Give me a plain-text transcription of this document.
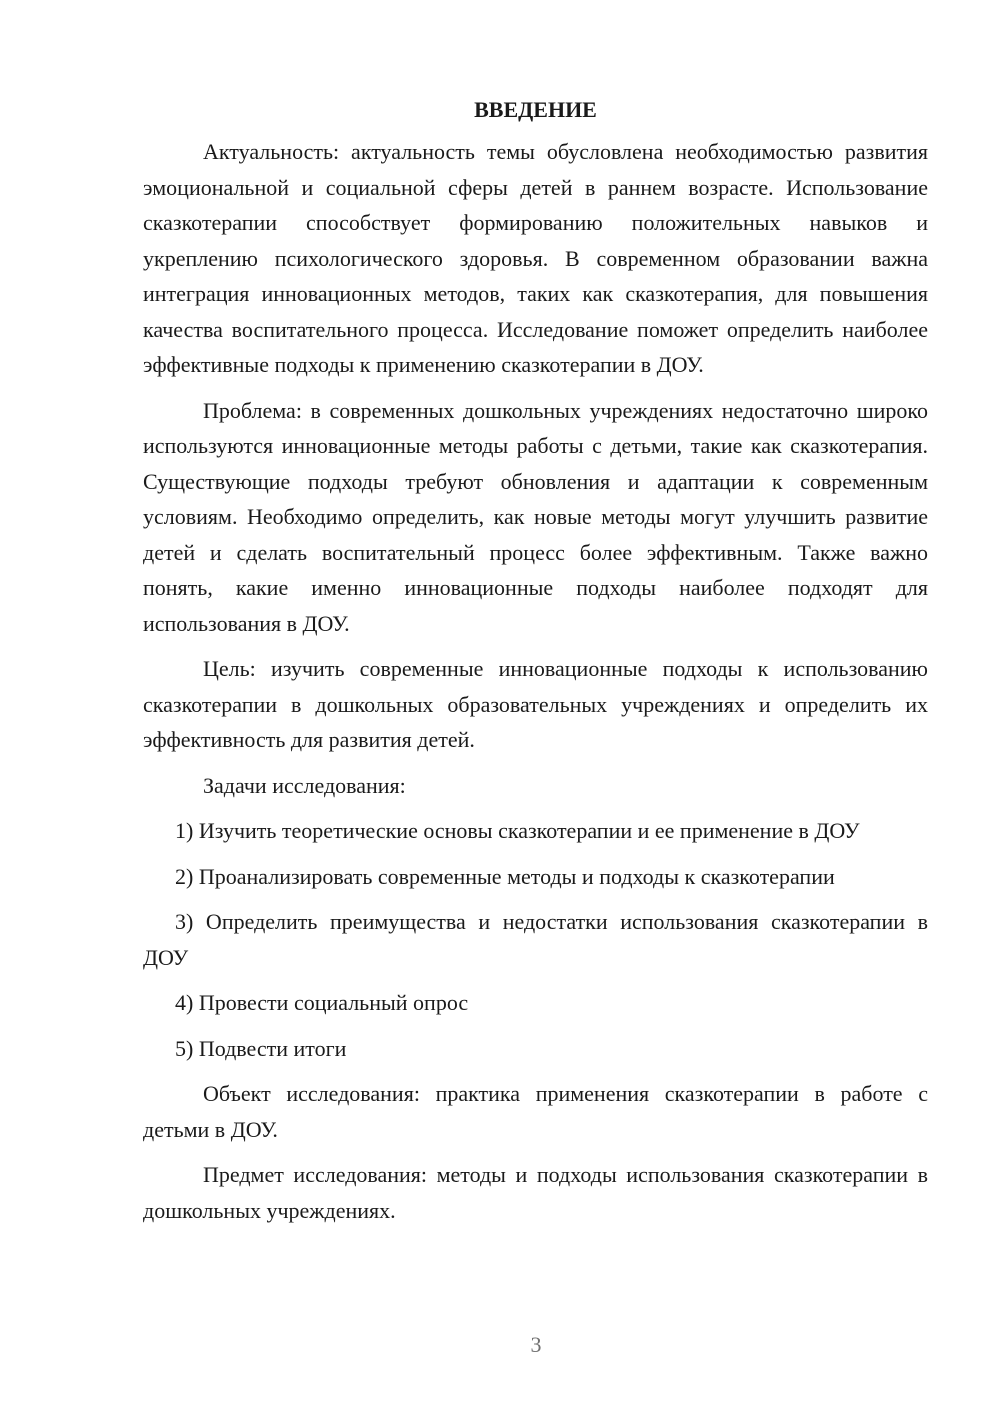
ВВЕДЕНИЕ

Актуальность: актуальность темы обусловлена необходимостью развития эмоциональной и социальной сферы детей в раннем возрасте. Использование сказкотерапии способствует формированию положительных навыков и укреплению психологического здоровья. В современном образовании важна интеграция инновационных методов, таких как сказкотерапия, для повышения качества воспитательного процесса. Исследование поможет определить наиболее эффективные подходы к применению сказкотерапии в ДОУ.

Проблема: в современных дошкольных учреждениях недостаточно широко используются инновационные методы работы с детьми, такие как сказкотерапия. Существующие подходы требуют обновления и адаптации к современным условиям. Необходимо определить, как новые методы могут улучшить развитие детей и сделать воспитательный процесс более эффективным. Также важно понять, какие именно инновационные подходы наиболее подходят для использования в ДОУ.

Цель: изучить современные инновационные подходы к использованию сказкотерапии в дошкольных образовательных учреждениях и определить их эффективность для развития детей.

Задачи исследования:

1) Изучить теоретические основы сказкотерапии и ее применение в ДОУ

2) Проанализировать современные методы и подходы к сказкотерапии

3) Определить преимущества и недостатки использования сказкотерапии в ДОУ

4) Провести социальный опрос

5) Подвести итоги

Объект исследования: практика применения сказкотерапии в работе с детьми в ДОУ.

Предмет исследования: методы и подходы использования сказкотерапии в дошкольных учреждениях.

3
